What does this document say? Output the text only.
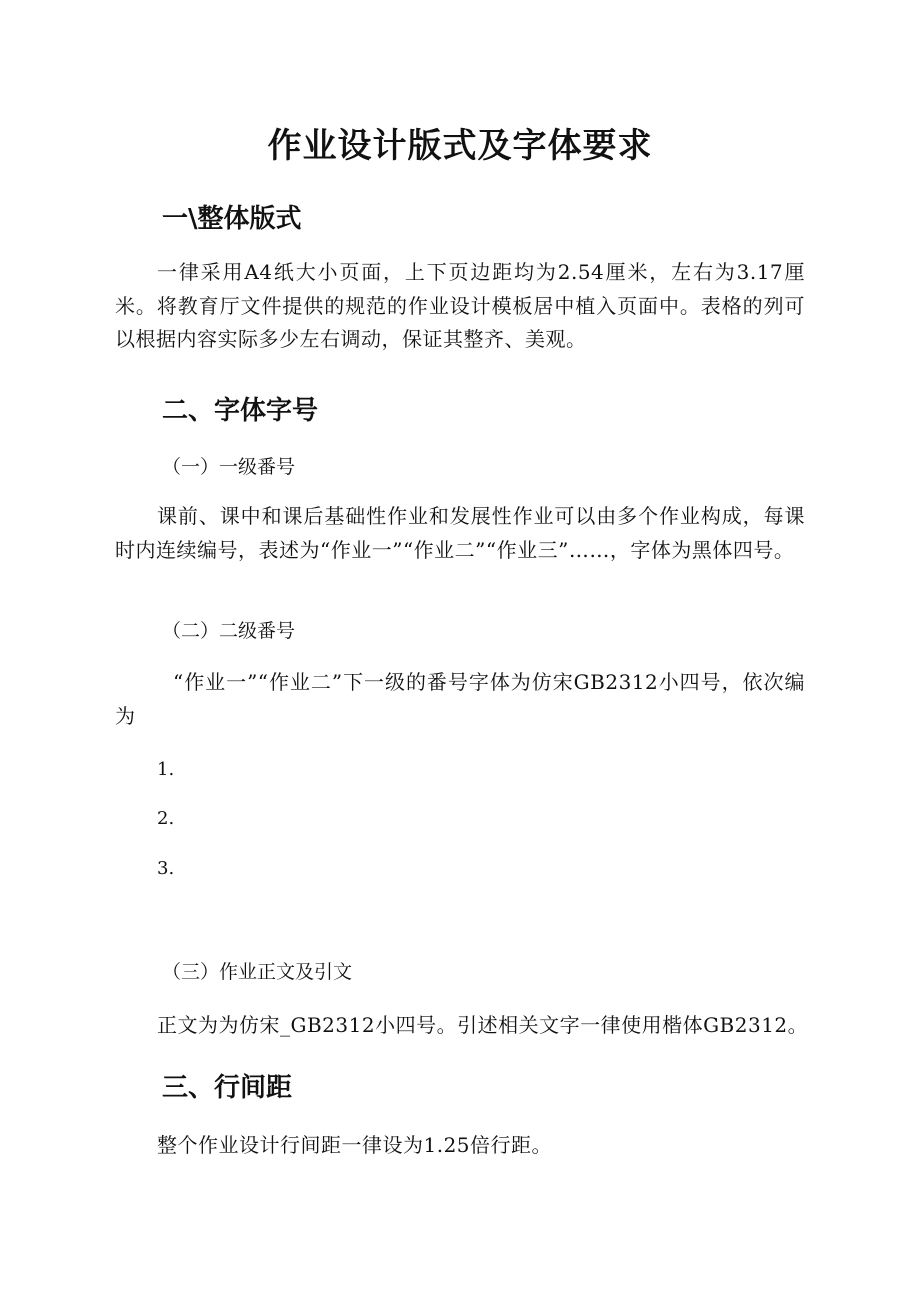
作业设计版式及字体要求
一\整体版式
一律采用A4纸大小页面，上下页边距均为2.54厘米，左右为3.17厘米。将教育厅文件提供的规范的作业设计模板居中植入页面中。表格的列可以根据内容实际多少左右调动，保证其整齐、美观。
二、字体字号
（一）一级番号
课前、课中和课后基础性作业和发展性作业可以由多个作业构成，每课时内连续编号，表述为“作业一”“作业二”“作业三”……，字体为黑体四号。
（二）二级番号
“作业一”“作业二”下一级的番号字体为仿宋GB2312小四号，依次编为
1.
2.
3.
（三）作业正文及引文
正文为为仿宋_GB2312小四号。引述相关文字一律使用楷体GB2312。
三、行间距
整个作业设计行间距一律设为1.25倍行距。
